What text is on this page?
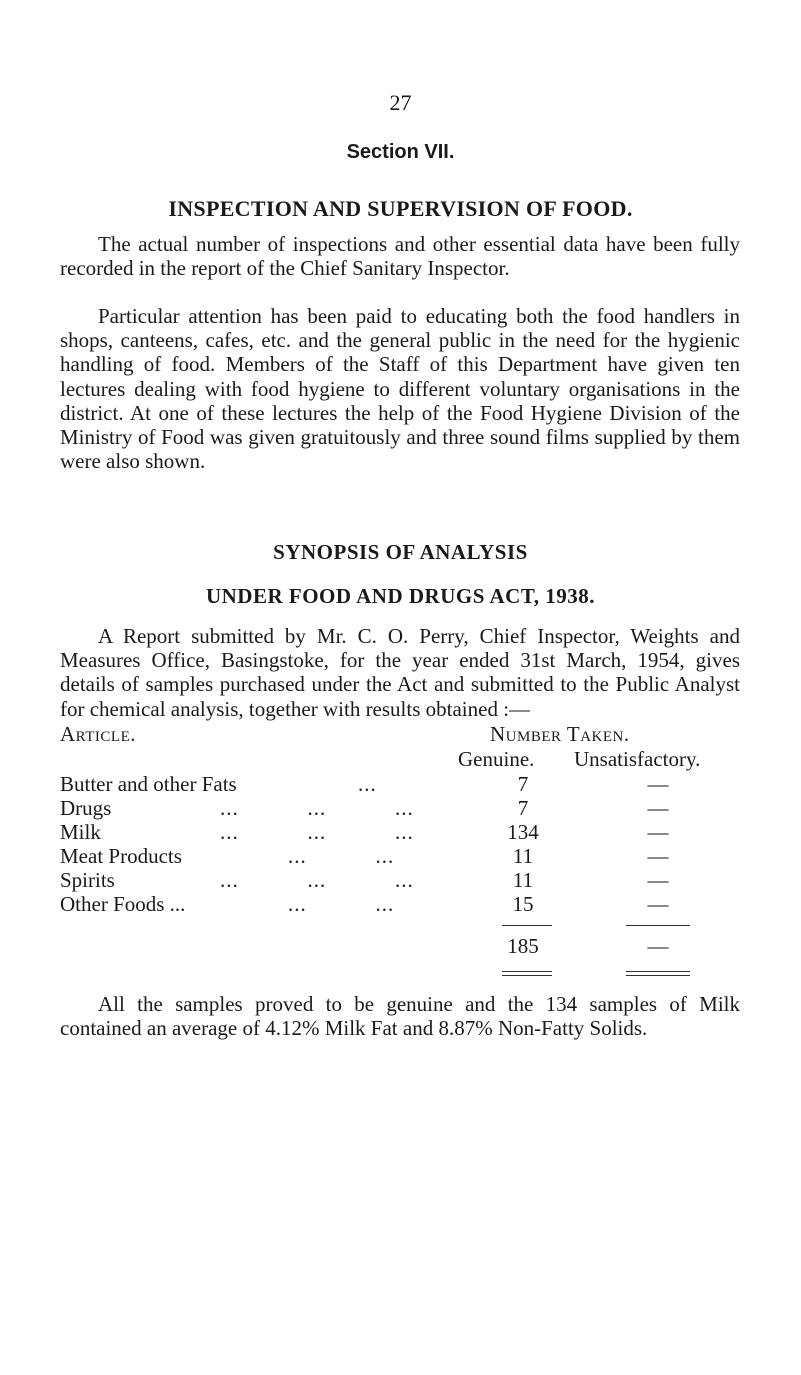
27
Section VII.
INSPECTION AND SUPERVISION OF FOOD.

The actual number of inspections and other essential data have been fully recorded in the report of the Chief Sanitary Inspector.

Particular attention has been paid to educating both the food handlers in shops, canteens, cafes, etc. and the general public in the need for the hygienic handling of food. Members of the Staff of this Department have given ten lectures dealing with food hygiene to different voluntary organisations in the district. At one of these lectures the help of the Food Hygiene Division of the Ministry of Food was given gratuitously and three sound films supplied by them were also shown.

SYNOPSIS OF ANALYSIS
UNDER FOOD AND DRUGS ACT, 1938.

A Report submitted by Mr. C. O. Perry, Chief Inspector, Weights and Measures Office, Basingstoke, for the year ended 31st March, 1954, gives details of samples purchased under the Act and submitted to the Public Analyst for chemical analysis, together with results obtained :—

Article.	Number Taken.
Genuine. Unsatisfactory.
Butter and other Fats	...	7	—
Drugs	...           ...           ...	7	—
Milk	...           ...           ...	134	—
Meat Products	...           ...	11	—
Spirits	...           ...           ...	11	—
Other Foods ...	...           ...	15	—
185	—

All the samples proved to be genuine and the 134 samples of Milk contained an average of 4.12% Milk Fat and 8.87% Non-Fatty Solids.
